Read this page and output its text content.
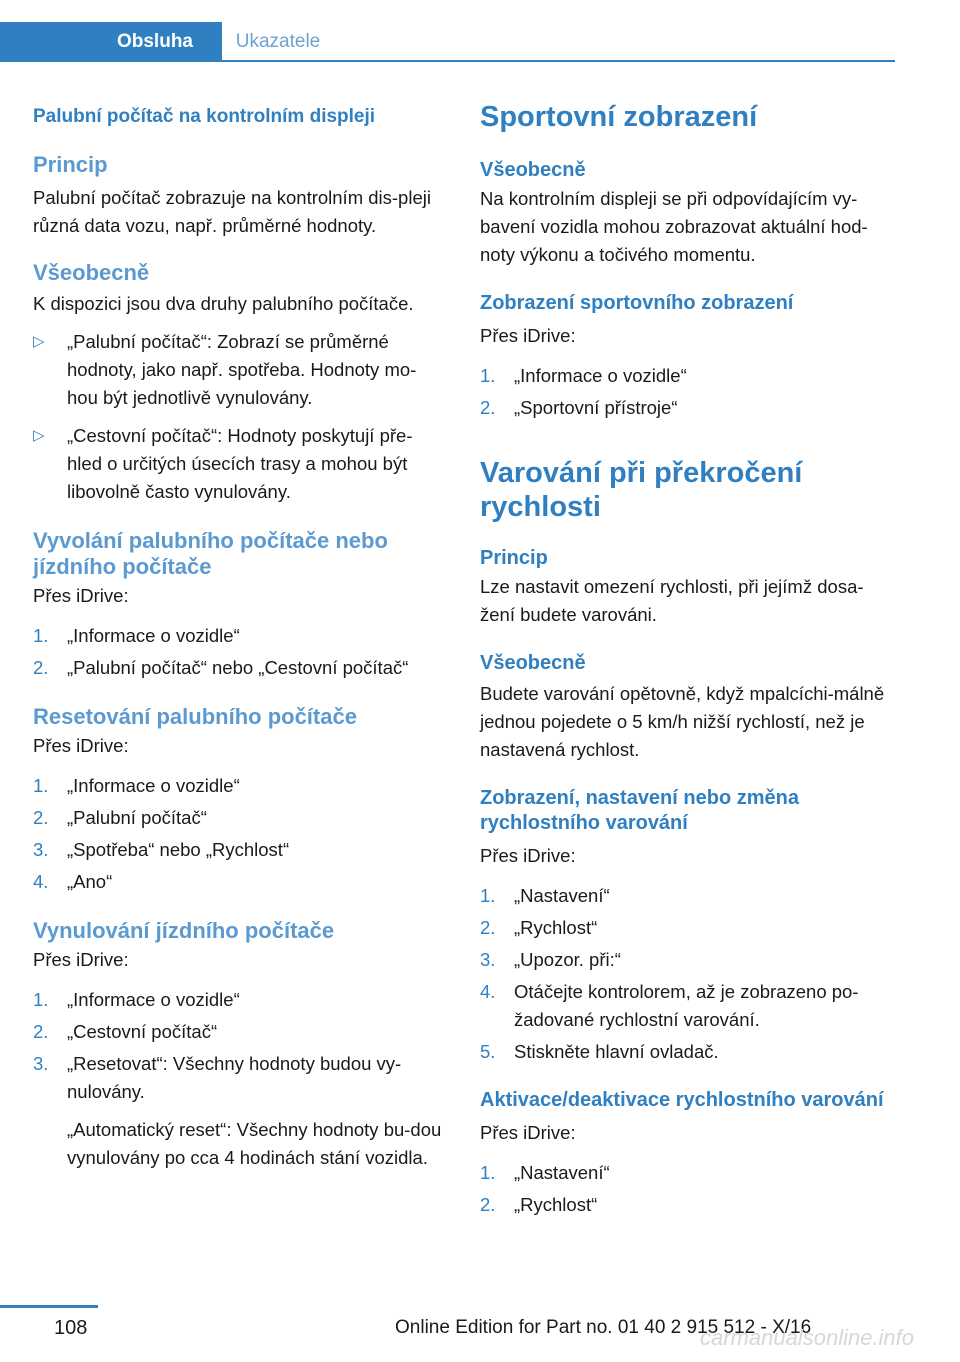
Obsluha	Ukazatele
Palubní počítač na kontrolním displeji
Princip

Palubní počítač zobrazuje na kontrolním dis-pleji různá data vozu, např. průměrné hodnoty.

Všeobecně

K dispozici jsou dva druhy palubního počítače.

▷ „Palubní počítač“: Zobrazí se průměrné hodnoty, jako např. spotřeba. Hodnoty mo-hou být jednotlivě vynulovány.
▷ „Cestovní počítač“: Hodnoty poskytují pře-hled o určitých úsecích trasy a mohou být libovolně často vynulovány.
Vyvolání palubního počítače nebo jízdního počítače

Přes iDrive:

1. „Informace o vozidle“
2. „Palubní počítač“ nebo „Cestovní počítač“
Resetování palubního počítače

Přes iDrive:

1. „Informace o vozidle“
2. „Palubní počítač“
3. „Spotřeba“ nebo „Rychlost“
4. „Ano“
Vynulování jízdního počítače

Přes iDrive:

1. „Informace o vozidle“
2. „Cestovní počítač“
3. „Resetovat“: Všechny hodnoty budou vy-nulovány.

„Automatický reset“: Všechny hodnoty bu-dou vynulovány po cca 4 hodinách stání vozidla.

Sportovní zobrazení
Všeobecně

Na kontrolním displeji se při odpovídajícím vy-bavení vozidla mohou zobrazovat aktuální hod-noty výkonu a točivého momentu.

Zobrazení sportovního zobrazení

Přes iDrive:

1. „Informace o vozidle“
2. „Sportovní přístroje“
Varování při překročení rychlosti
Princip

Lze nastavit omezení rychlosti, při jejímž dosa-žení budete varováni.

Všeobecně

Budete varování opětovně, když mpalcíchi-málně jednou pojedete o 5 km/h nižší rychlostí, než je nastavená rychlost.

Zobrazení, nastavení nebo změna rychlostního varování

Přes iDrive:

1. „Nastavení“
2. „Rychlost“
3. „Upozor. při:“
4. Otáčejte kontrolorem, až je zobrazeno po-žadované rychlostní varování.
5. Stiskněte hlavní ovladač.
Aktivace/deaktivace rychlostního varování

Přes iDrive:

1. „Nastavení“
2. „Rychlost“
108	Online Edition for Part no. 01 40 2 915 512 - X/16
carmanualsonline.info
